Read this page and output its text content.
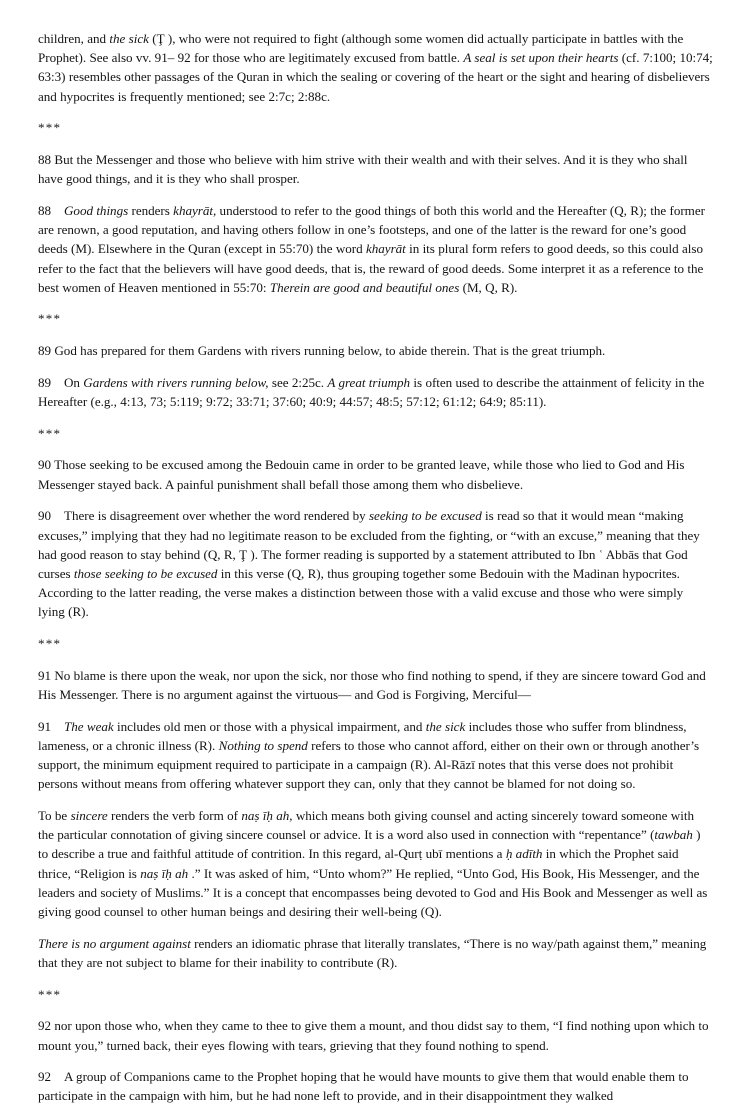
children, and the sick (Ţ ), who were not required to fight (although some women did actually participate in battles with the Prophet). See also vv. 91– 92 for those who are legitimately excused from battle. A seal is set upon their hearts (cf. 7:100; 10:74; 63:3) resembles other passages of the Quran in which the sealing or covering of the heart or the sight and hearing of disbelievers and hypocrites is frequently mentioned; see 2:7c; 2:88c.

***

88 But the Messenger and those who believe with him strive with their wealth and with their selves. And it is they who shall have good things, and it is they who shall prosper.

88 Good things renders khayrāt, understood to refer to the good things of both this world and the Hereafter (Q, R); the former are renown, a good reputation, and having others follow in one’s footsteps, and one of the latter is the reward for one’s good deeds (M). Elsewhere in the Quran (except in 55:70) the word khayrāt in its plural form refers to good deeds, so this could also refer to the fact that the believers will have good deeds, that is, the reward of good deeds. Some interpret it as a reference to the best women of Heaven mentioned in 55:70: Therein are good and beautiful ones (M, Q, R).

***

89 God has prepared for them Gardens with rivers running below, to abide therein. That is the great triumph.

89 On Gardens with rivers running below, see 2:25c. A great triumph is often used to describe the attainment of felicity in the Hereafter (e.g., 4:13, 73; 5:119; 9:72; 33:71; 37:60; 40:9; 44:57; 48:5; 57:12; 61:12; 64:9; 85:11).

***

90 Those seeking to be excused among the Bedouin came in order to be granted leave, while those who lied to God and His Messenger stayed back. A painful punishment shall befall those among them who disbelieve.

90 There is disagreement over whether the word rendered by seeking to be excused is read so that it would mean “making excuses,” implying that they had no legitimate reason to be excluded from the fighting, or “with an excuse,” meaning that they had good reason to stay behind (Q, R, Ţ ). The former reading is supported by a statement attributed to Ibn ʿ Abbās that God curses those seeking to be excused in this verse (Q, R), thus grouping together some Bedouin with the Madinan hypocrites. According to the latter reading, the verse makes a distinction between those with a valid excuse and those who were simply lying (R).

***

91 No blame is there upon the weak, nor upon the sick, nor those who find nothing to spend, if they are sincere toward God and His Messenger. There is no argument against the virtuous— and God is Forgiving, Merciful—

91 The weak includes old men or those with a physical impairment, and the sick includes those who suffer from blindness, lameness, or a chronic illness (R). Nothing to spend refers to those who cannot afford, either on their own or through another’s support, the minimum equipment required to participate in a campaign (R). Al-Rāzī notes that this verse does not prohibit persons without means from offering whatever support they can, only that they cannot be blamed for not doing so.

To be sincere renders the verb form of naṣ īḥ ah, which means both giving counsel and acting sincerely toward someone with the particular connotation of giving sincere counsel or advice. It is a word also used in connection with “repentance” (tawbah ) to describe a true and faithful attitude of contrition. In this regard, al-Qurṭ ubī mentions a ḥ adīth in which the Prophet said thrice, “Religion is naṣ īḥ ah .” It was asked of him, “Unto whom?” He replied, “Unto God, His Book, His Messenger, and the leaders and society of Muslims.” It is a concept that encompasses being devoted to God and His Book and Messenger as well as giving good counsel to other human beings and desiring their well-being (Q).

There is no argument against renders an idiomatic phrase that literally translates, “There is no way/path against them,” meaning that they are not subject to blame for their inability to contribute (R).

***

92 nor upon those who, when they came to thee to give them a mount, and thou didst say to them, “I find nothing upon which to mount you,” turned back, their eyes flowing with tears, grieving that they found nothing to spend.

92 A group of Companions came to the Prophet hoping that he would have mounts to give them that would enable them to participate in the campaign with him, but he had none left to provide, and in their disappointment they walked
